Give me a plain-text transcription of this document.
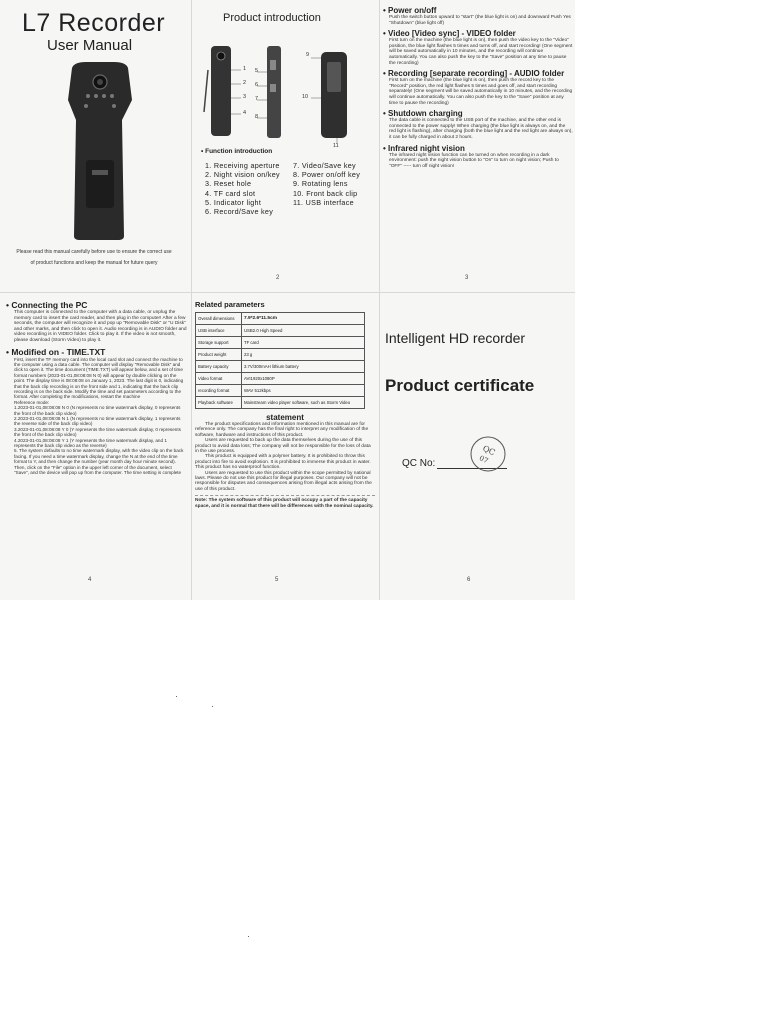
L7 Recorder
User Manual
Please read this manual carefully before use to ensure the correct use of product functions and keep the manual for future query
Product introduction
1
2
3
4
5
6
7
8
9
10
11
• Function introduction
1. Receiving aperture
2. Night vision on/key
3. Reset hole
4. TF card slot
5. Indicator light
6. Record/Save key
7. Video/Save key
8. Power on/off key
9. Rotating lens
10. Front back clip
11. USB interface
2
• Power on/off
Push the switch button upward to "start" (the blue light is on) and downward Push Yes "Shutdown" (blue light off)
• Video [Video sync] - VIDEO folder
First turn on the machine (the blue light is on), then push the video key to the "Video" position, the blue light flashes 5 times and turns off, and start recording! (One segment will be saved automatically in 10 minutes, and the recording will continue automatically. You can also push the key to the "Save" position at any time to pause the recording)
• Recording [separate recording] - AUDIO folder
First turn on the machine (the blue light is on), then push the record key to the "Record" position, the red light flashes 5 times and goes off, and start recording separately! (One segment will be saved automatically in 10 minutes, and the recording will continue automatically. You can also push the key to the "Save" position at any time to pause the recording)
• Shutdown charging
The data cable is connected to the USB port of the machine, and the other end is connected to the power supply! When charging (the blue light is always on, and the red light is flashing), after charging (both the blue light and the red light are always on), it can be fully charged in about 2 hours.
• Infrared night vision
The infrared night vision function can be turned on when recording in a dark environment: push the night vision button to "On" to turn on night vision; Push to "OFF" ----- turn off night vision!
3
• Connecting the PC
This computer is connected to the computer with a data cable, or unplug the memory card to insert the card reader, and then plug in the computer! After a few seconds, the computer will recognize it and pop up "Removable Disk" or "U Disk" and other marks, and then click to open it. Audio recording is in AUDIO folder and video recording is in VIDEO folder. Click to play it. If the video is not smooth, please download (Storm Video) to play it.
• Modified on - TIME.TXT
First, insert the TF memory card into the local card slot and connect the machine to the computer using a data cable. The computer will display "Removable Disk" and click to open it. The time document (TIME.TXT) will appear below, and a set of time format numbers (2023-01-01,08:08:08 N 0) will appear by double clicking on the point. The display time is 08:08:08 on January 1, 2023. The last digit is 0, indicating that the back clip recording is on the front side and 1, indicating that the back clip recording is on the back side. Modify the time and set parameters according to the format. After completing the modifications, restart the machine
Reference mode:
1.2023-01-01,08:08:08 N 0 (N represents no time watermark display, 0 represents the front of the back clip video)
2.2023-01-01,08:08:08 N 1 (N represents no time watermark display, 1 represents the reverse side of the back clip video)
3.2023-01-01,08:08:08 Y 0 (Y represents the time watermark display, 0 represents the front of the back clip video)
4.2023-01-01,08:08:08 Y 1 (Y represents the time watermark display, and 1 represents the back clip video as the reverse)
5. The system defaults to no time watermark display, with the video clip on the back facing. If you need a time watermark display, change the N at the end of the time format to Y, and then change the number (year month day hour minute second). Then, click on the "File" option in the upper left corner of the document, select "Save", and the device will pop up from the computer. The time setting is complete
4
Related parameters
Overall dimensions	7.9*2.6*11.5cm
USB interface	USB2.0 High Speed
Storage support	TF card
Product weight	23 g
Battery capacity	3.7V/300mAH lithium battery
Video format	AVI1920x1080P
recording format	WAV 512kbps
Playback software	Mainstream video player software, such as Storm Video
statement
The product specifications and information mentioned in this manual are for reference only. The company has the final right to interpret any modification of the software, hardware and instructions of this product.
Users are requested to back up the data themselves during the use of this product to avoid data loss; The company will not be responsible for the loss of data in the use process.
This product is equipped with a polymer battery. It is prohibited to throw this product into fire to avoid explosion. It is prohibited to immerse this product in water. This product has no waterproof function.
Users are requested to use this product within the scope permitted by national laws. Please do not use this product for illegal purposes. Our company will not be responsible for disputes and consequences arising from illegal acts arising from the use of this product.
Note: The system software of this product will occupy a part of the capacity space, and it is normal that there will be differences with the nominal capacity.
5
Intelligent HD recorder
Product certificate
QC No:
QC
07
6
